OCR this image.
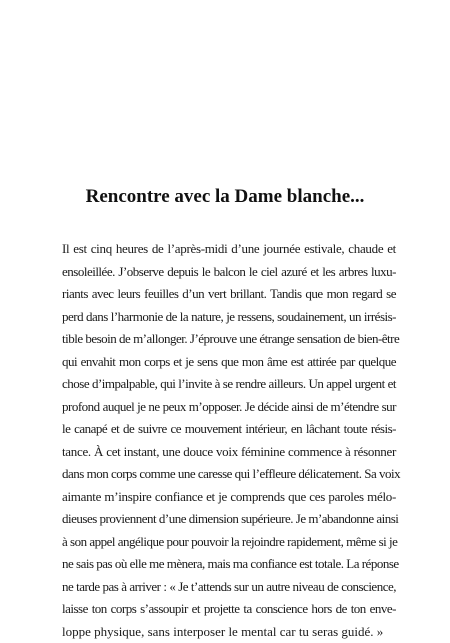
Rencontre avec la Dame blanche...
Il est cinq heures de l’après-midi d’une journée estivale, chaude et
ensoleillée. J’observe depuis le balcon le ciel azuré et les arbres luxu-
riants avec leurs feuilles d’un vert brillant. Tandis que mon regard se
perd dans l’harmonie de la nature, je ressens, soudainement, un irrésis-
tible besoin de m’allonger. J’éprouve une étrange sensation de bien-être
qui envahit mon corps et je sens que mon âme est attirée par quelque
chose d’impalpable, qui l’invite à se rendre ailleurs. Un appel urgent et
profond auquel je ne peux m’opposer. Je décide ainsi de m’étendre sur
le canapé et de suivre ce mouvement intérieur, en lâchant toute résis-
tance. À cet instant, une douce voix féminine commence à résonner
dans mon corps comme une caresse qui l’effleure délicatement. Sa voix
aimante m’inspire confiance et je comprends que ces paroles mélo-
dieuses proviennent d’une dimension supérieure. Je m’abandonne ainsi
à son appel angélique pour pouvoir la rejoindre rapidement, même si je
ne sais pas où elle me mènera, mais ma confiance est totale. La réponse
ne tarde pas à arriver : « Je t’attends sur un autre niveau de conscience,
laisse ton corps s’assoupir et projette ta conscience hors de ton enve-
loppe physique, sans interposer le mental car tu seras guidé. »
